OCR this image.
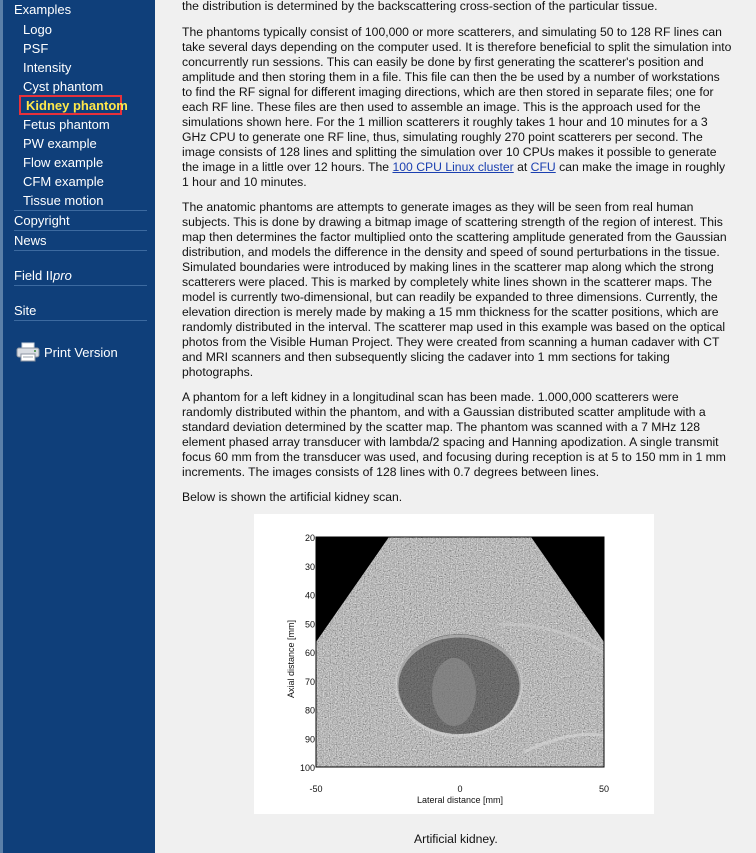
Examples
Logo
PSF
Intensity
Cyst phantom
Kidney phantom
Fetus phantom
PW example
Flow example
CFM example
Tissue motion
Copyright
News
Field IIpro
Site
Print Version

the distribution is determined by the backscattering cross-section of the particular tissue.

The phantoms typically consist of 100,000 or more scatterers, and simulating 50 to 128 RF lines can take several days depending on the computer used. It is therefore beneficial to split the simulation into concurrently run sessions. This can easily be done by first generating the scatterer's position and amplitude and then storing them in a file. This file can then the be used by a number of workstations to find the RF signal for different imaging directions, which are then stored in separate files; one for each RF line. These files are then used to assemble an image. This is the approach used for the simulations shown here. For the 1 million scatterers it roughly takes 1 hour and 10 minutes for a 3 GHz CPU to generate one RF line, thus, simulating roughly 270 point scatterers per second. The image consists of 128 lines and splitting the simulation over 10 CPUs makes it possible to generate the image in a little over 12 hours. The 100 CPU Linux cluster at CFU can make the image in roughly 1 hour and 10 minutes.

The anatomic phantoms are attempts to generate images as they will be seen from real human subjects. This is done by drawing a bitmap image of scattering strength of the region of interest. This map then determines the factor multiplied onto the scattering amplitude generated from the Gaussian distribution, and models the difference in the density and speed of sound perturbations in the tissue. Simulated boundaries were introduced by making lines in the scatterer map along which the strong scatterers were placed. This is marked by completely white lines shown in the scatterer maps. The model is currently two-dimensional, but can readily be expanded to three dimensions. Currently, the elevation direction is merely made by making a 15 mm thickness for the scatter positions, which are randomly distributed in the interval. The scatterer map used in this example was based on the optical photos from the Visible Human Project. They were created from scanning a human cadaver with CT and MRI scanners and then subsequently slicing the cadaver into 1 mm sections for taking photographs.

A phantom for a left kidney in a longitudinal scan has been made. 1.000,000 scatterers were randomly distributed within the phantom, and with a Gaussian distributed scatter amplitude with a standard deviation determined by the scatter map. The phantom was scanned with a 7 MHz 128 element phased array transducer with lambda/2 spacing and Hanning apodization. A single transmit focus 60 mm from the transducer was used, and focusing during reception is at 5 to 150 mm in 1 mm increments. The images consists of 128 lines with 0.7 degrees between lines.

Below is shown the artificial kidney scan.

20
30
40
50
60
70
80
90
100
-50	0	50
Lateral distance [mm]
Axial distance [mm]
Artificial kidney.
